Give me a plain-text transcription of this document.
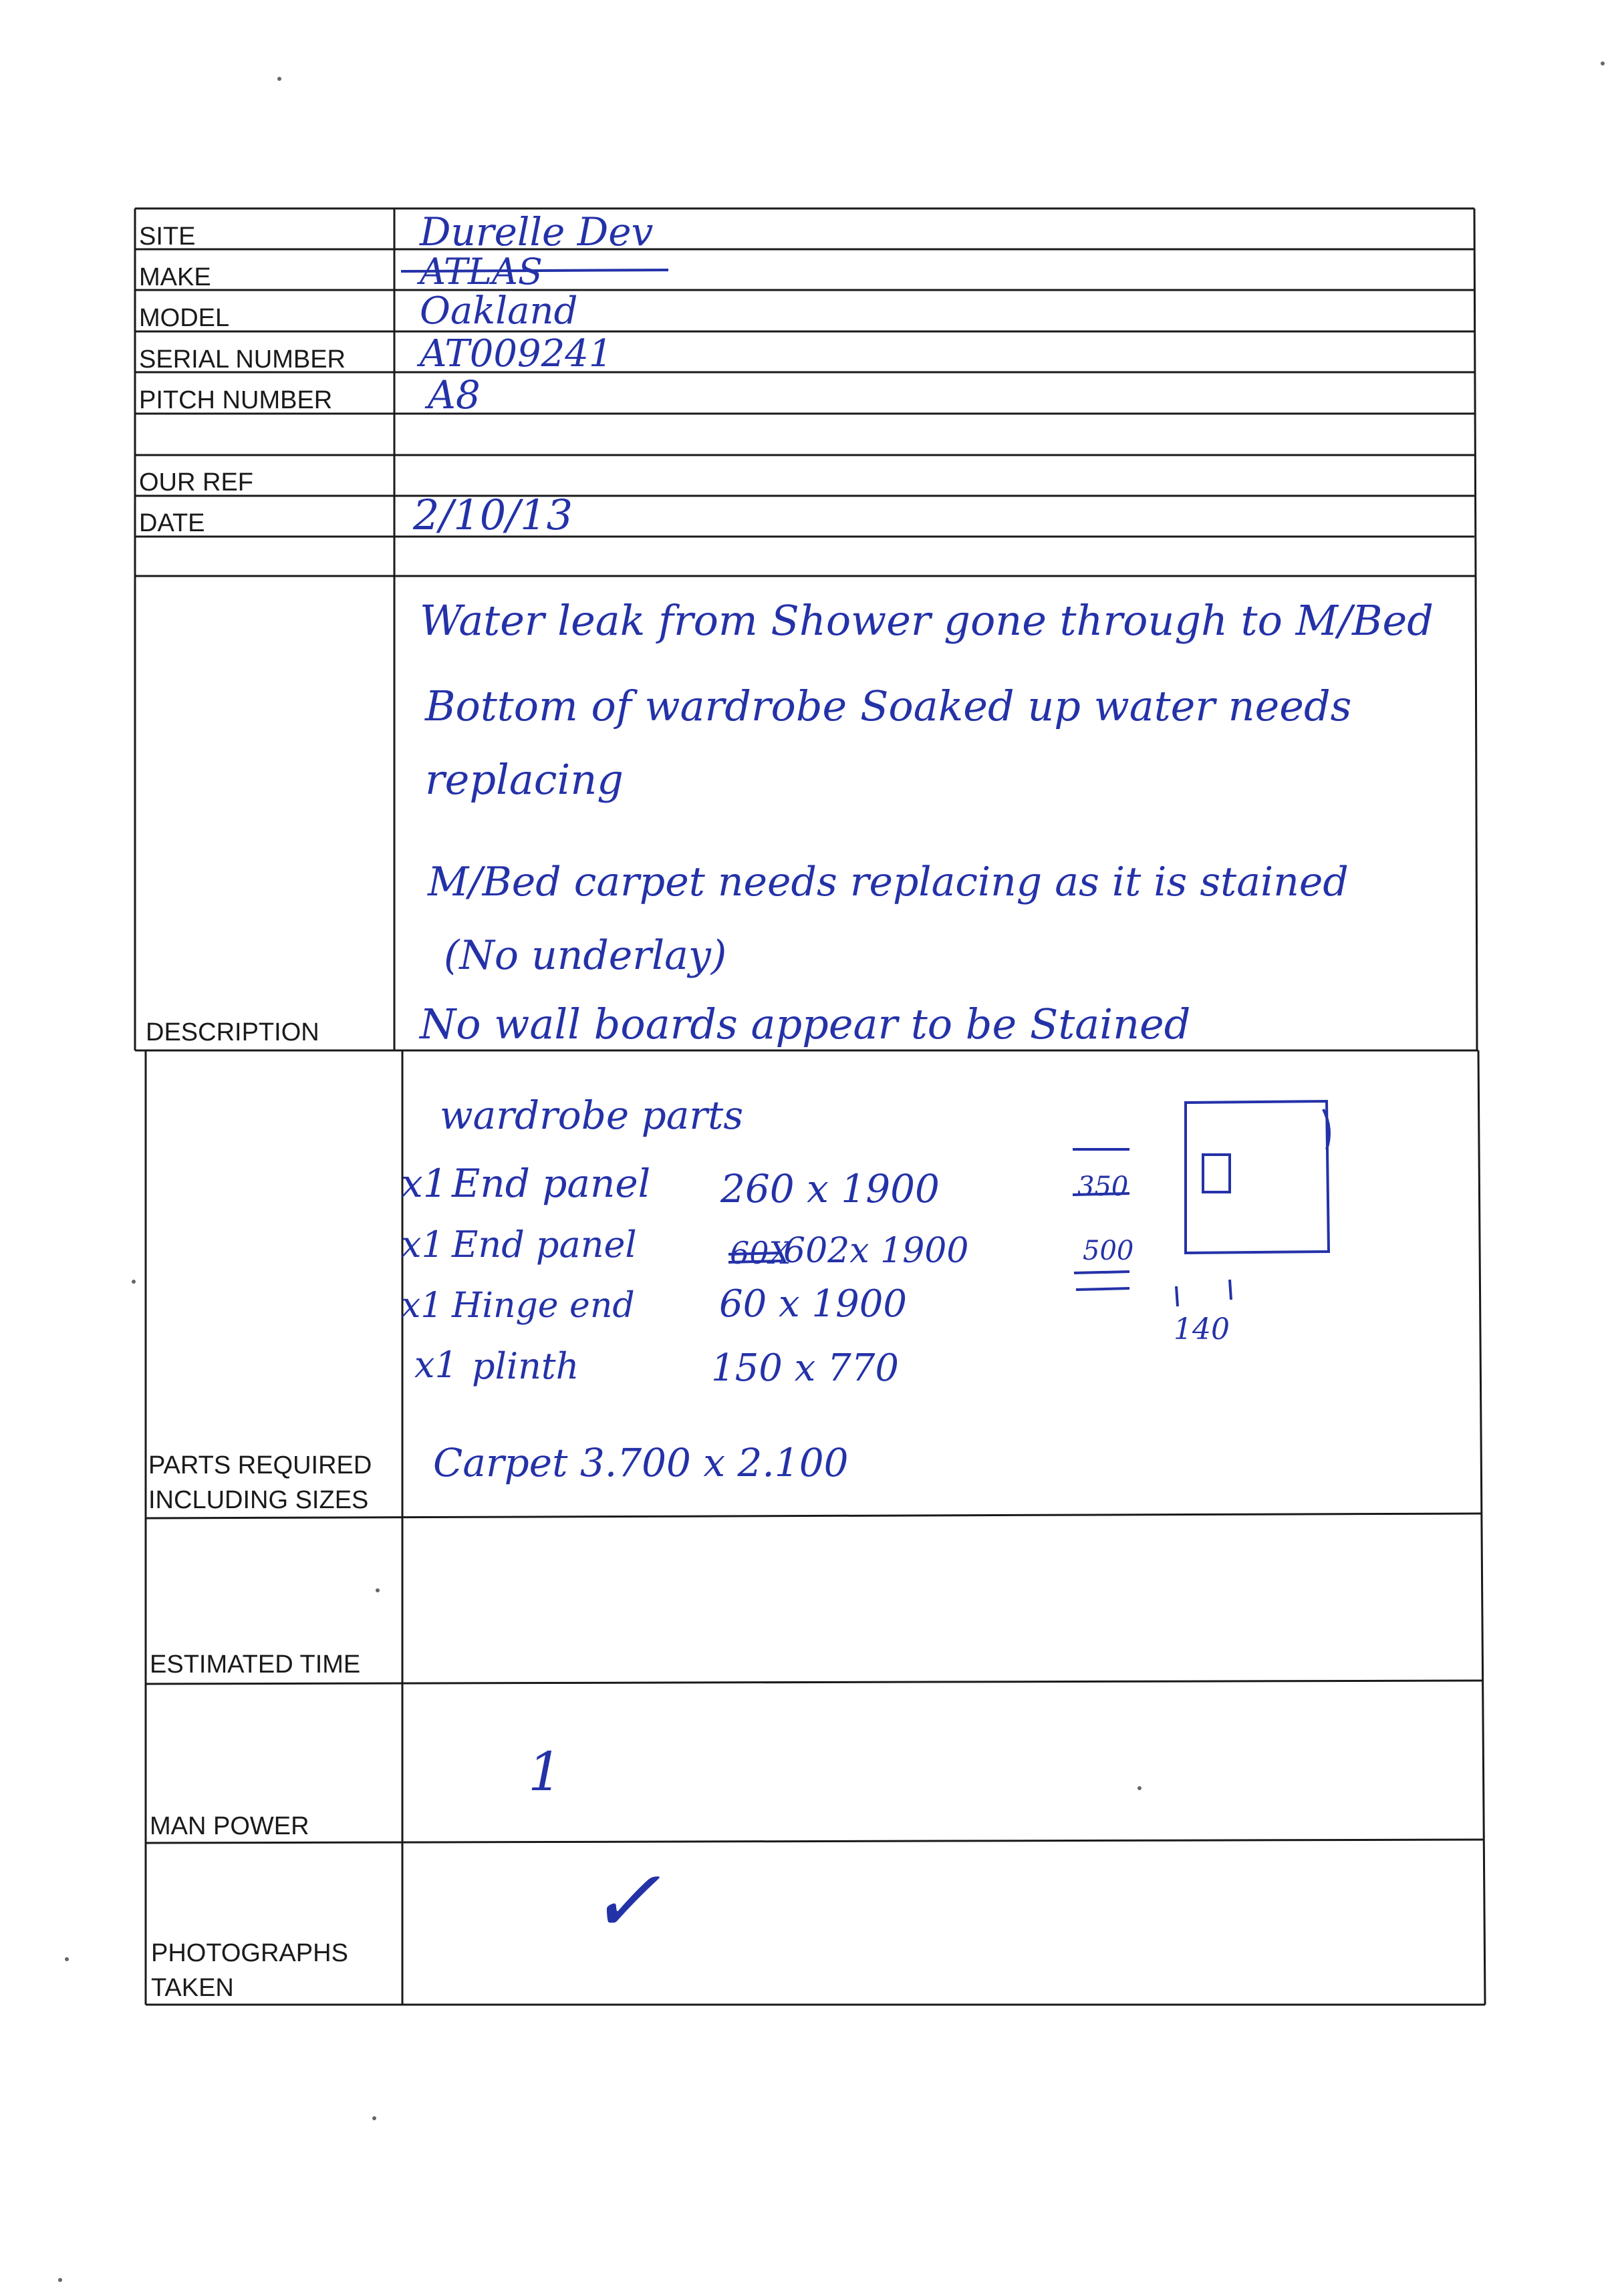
SITE
MAKE
MODEL
SERIAL NUMBER
PITCH NUMBER
OUR REF
DATE
DESCRIPTION
PARTS REQUIRED
INCLUDING SIZES
ESTIMATED TIME
MAN POWER
PHOTOGRAPHS
TAKEN
Durelle Dev
ATLAS
Oakland
AT009241
A8
2/10/13
Water leak from Shower gone through to M/Bed
Bottom of wardrobe Soaked up water needs
replacing
M/Bed carpet needs replacing as it is stained
(No underlay)
No wall boards appear to be Stained
wardrobe parts
x1 End panel 260 x 1900
x1 End panel	60X
602x 1900
x1 Hinge end 60 x 1900
x1 plinth	150 x 770
350
500
140
Carpet 3.700 x 2.100
1
✓
